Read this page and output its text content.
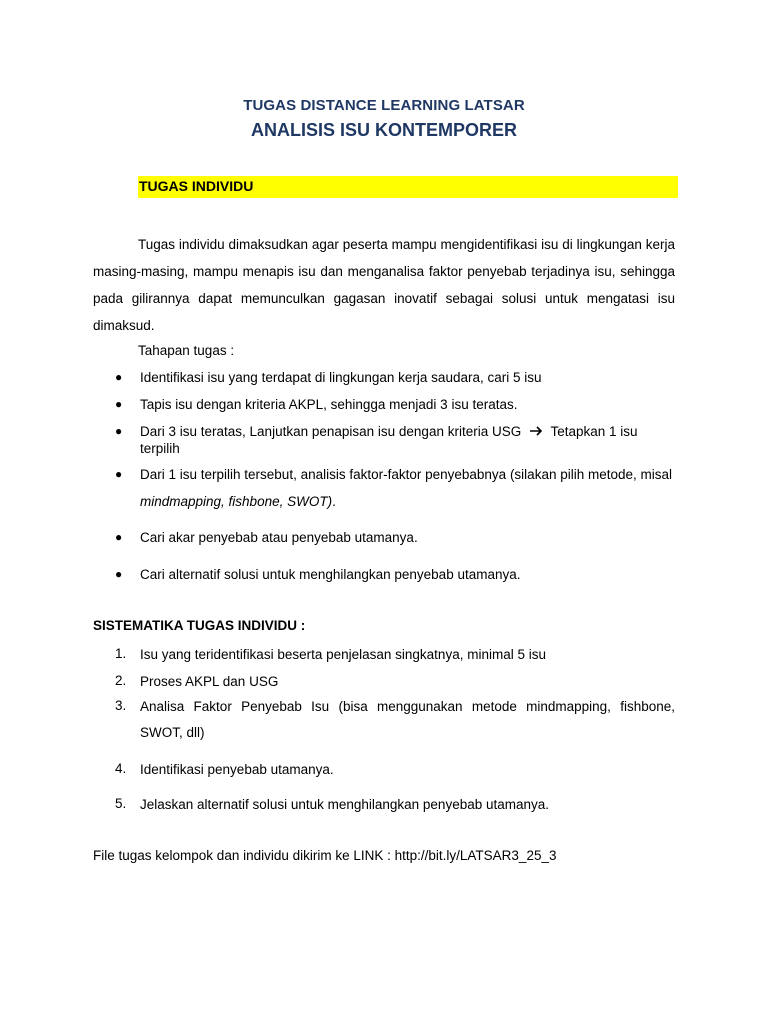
TUGAS DISTANCE LEARNING LATSAR
ANALISIS ISU KONTEMPORER
TUGAS INDIVIDU
Tugas individu dimaksudkan agar peserta mampu mengidentifikasi isu di lingkungan kerja masing-masing, mampu menapis isu dan menganalisa faktor penyebab terjadinya isu, sehingga pada gilirannya dapat memunculkan gagasan inovatif sebagai solusi untuk mengatasi isu dimaksud.
Tahapan tugas :
● Identifikasi isu yang terdapat di lingkungan kerja saudara, cari 5 isu
● Tapis isu dengan kriteria AKPL, sehingga menjadi 3 isu teratas.
● Dari 3 isu teratas, Lanjutkan penapisan isu dengan kriteria USG Tetapkan 1 isu terpilih
● Dari 1 isu terpilih tersebut, analisis faktor-faktor penyebabnya (silakan pilih metode, misal mindmapping, fishbone, SWOT).
● Cari akar penyebab atau penyebab utamanya.
● Cari alternatif solusi untuk menghilangkan penyebab utamanya.
SISTEMATIKA TUGAS INDIVIDU :
1. Isu yang teridentifikasi beserta penjelasan singkatnya, minimal 5 isu
2. Proses AKPL dan USG
3. Analisa Faktor Penyebab Isu (bisa menggunakan metode mindmapping, fishbone, SWOT, dll)
4. Identifikasi penyebab utamanya.
5. Jelaskan alternatif solusi untuk menghilangkan penyebab utamanya.
File tugas kelompok dan individu dikirim ke LINK : http://bit.ly/LATSAR3_25_3
